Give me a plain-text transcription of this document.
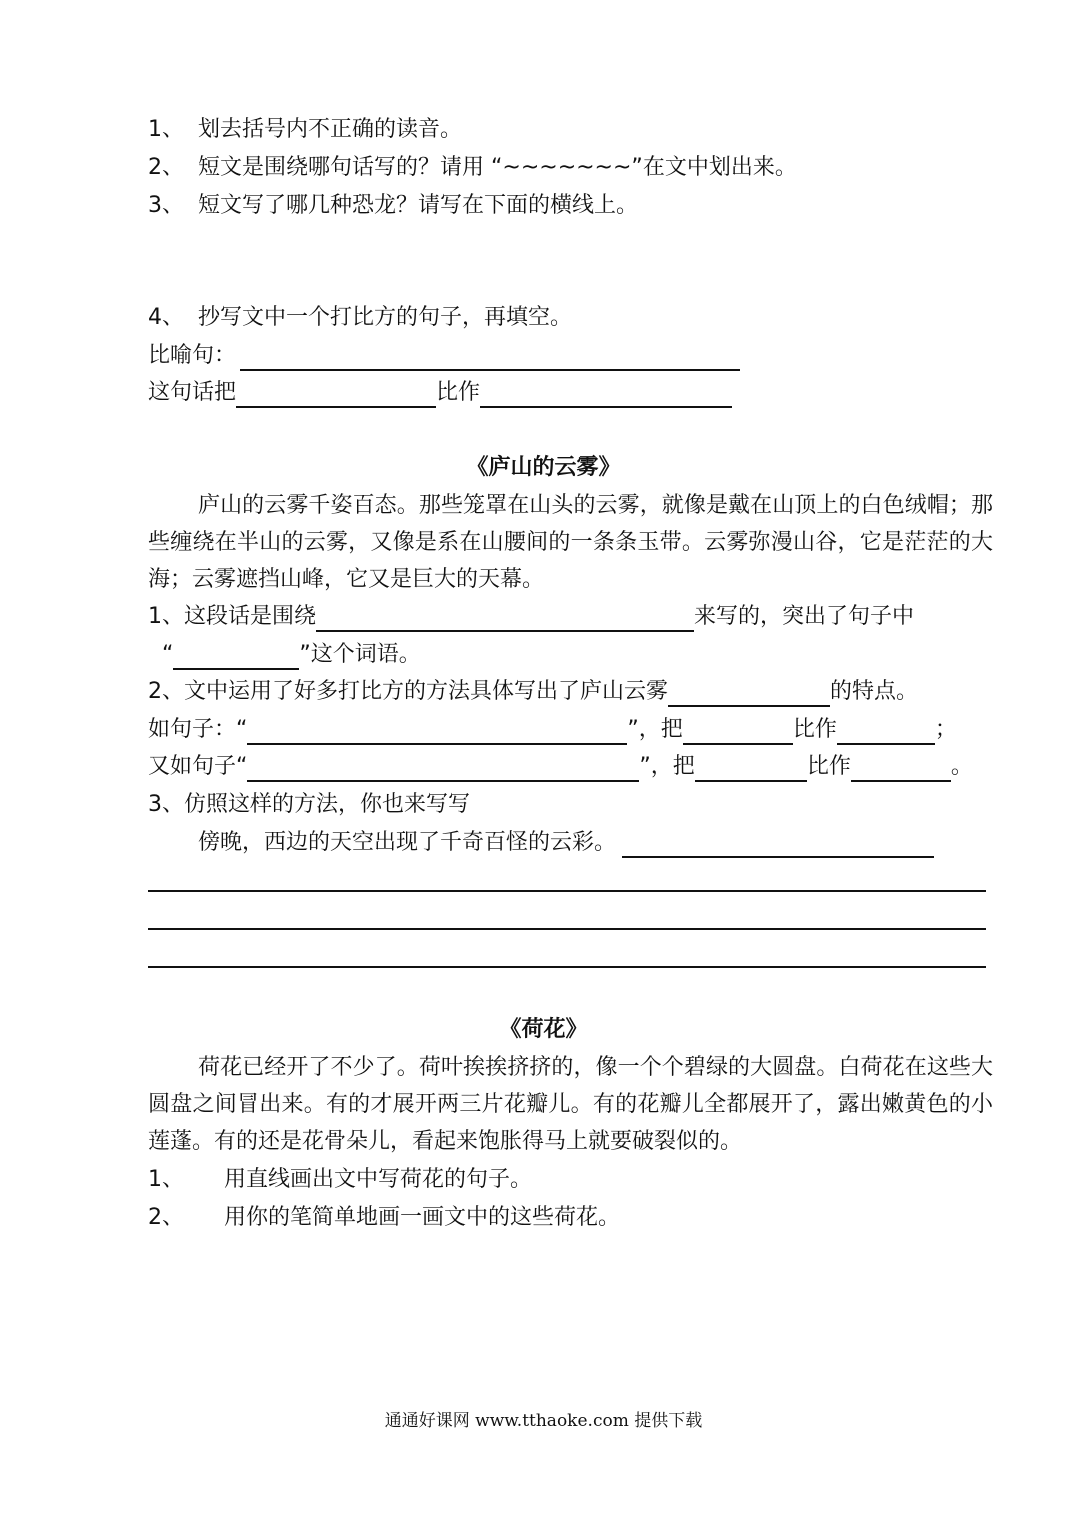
1、 划去括号内不正确的读音。
2、 短文是围绕哪句话写的？请用 “~~~~~~~”在文中划出来。
3、 短文写了哪几种恐龙？请写在下面的横线上。
4、 抄写文中一个打比方的句子，再填空。
比喻句：
这句话把	比作
《庐山的云雾》

庐山的云雾千姿百态。那些笼罩在山头的云雾，就像是戴在山顶上的白色绒帽；那些缠绕在半山的云雾，又像是系在山腰间的一条条玉带。云雾弥漫山谷，它是茫茫的大海；云雾遮挡山峰，它又是巨大的天幕。

1、这段话是围绕	来写的，突出了句子中
“	”这个词语。
2、文中运用了好多打比方的方法具体写出了庐山云雾	的特点。
如句子：“	”，把	比作	；
又如句子“	”，把	比作	。
3、仿照这样的方法，你也来写写
傍晚，西边的天空出现了千奇百怪的云彩。
《荷花》

荷花已经开了不少了。荷叶挨挨挤挤的，像一个个碧绿的大圆盘。白荷花在这些大圆盘之间冒出来。有的才展开两三片花瓣儿。有的花瓣儿全都展开了，露出嫩黄色的小莲蓬。有的还是花骨朵儿，看起来饱胀得马上就要破裂似的。

1、 用直线画出文中写荷花的句子。
2、 用你的笔简单地画一画文中的这些荷花。
通通好课网 www.tthaoke.com 提供下载
